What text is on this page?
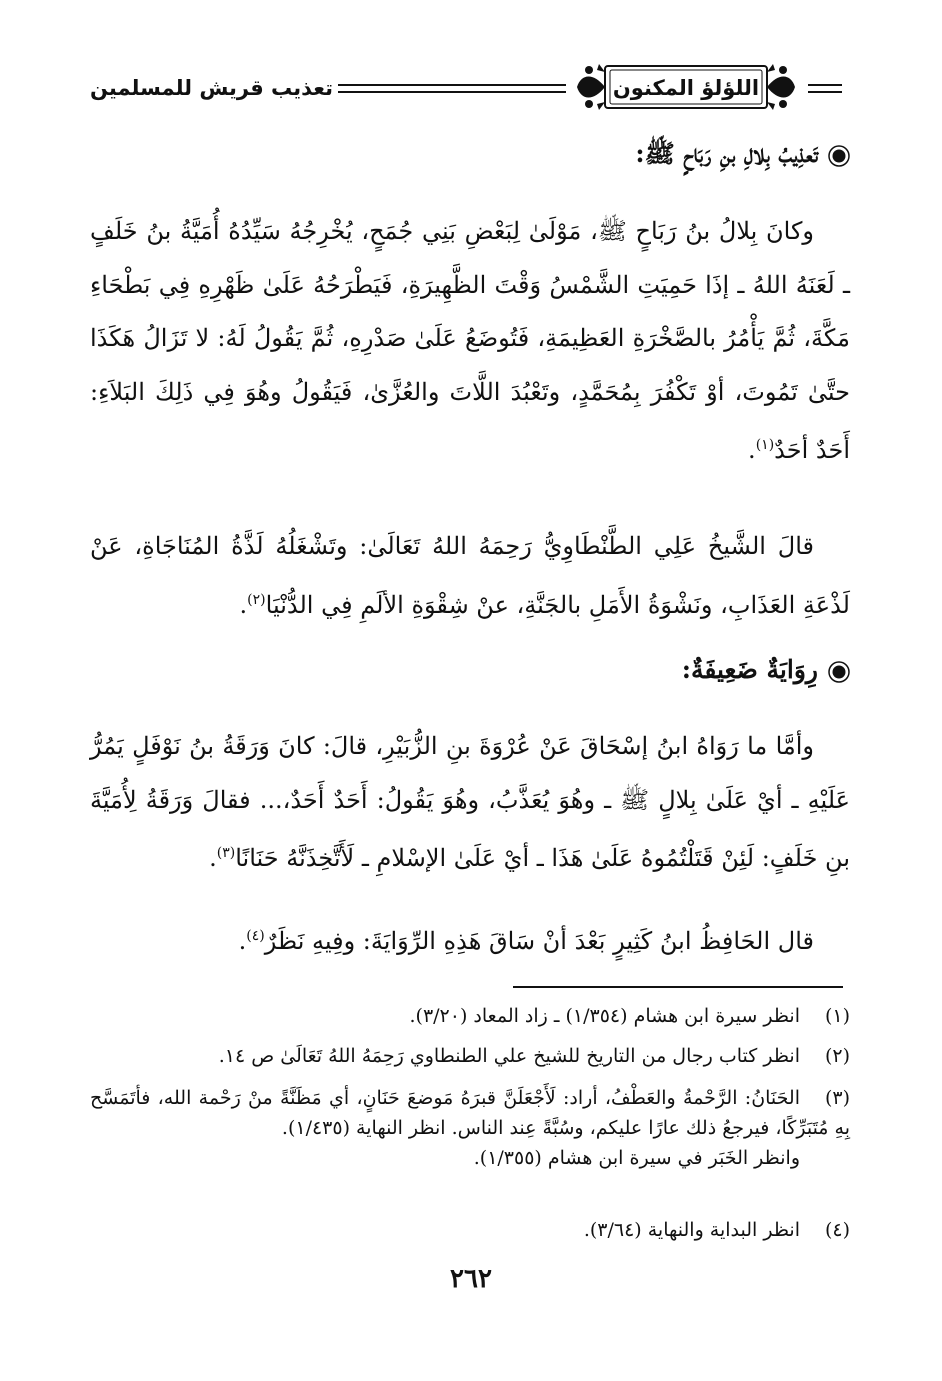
تعذيب قريش للمسلمين	اللؤلؤ المكنون
تَعذِيبُ بِلالِ بنِ رَبَاحٍ ﷺ:

وكانَ بِلالُ بنُ رَبَاحٍ ﷺ، مَوْلَىٰ لِبَعْضِ بَنِي جُمَحٍ، يُخْرِجُهُ سَيِّدُهُ أُمَيَّةُ بنُ خَلَفٍ ـ لَعَنَهُ اللهُ ـ إذَا حَمِيَتِ الشَّمْسُ وَقْتَ الظَّهِيرَةِ، فَيَطْرَحُهُ عَلَىٰ ظَهْرِهِ فِي بَطْحَاءِ مَكَّةَ، ثُمَّ يَأْمُرُ بالصَّخْرَةِ العَظِيمَةِ، فَتُوضَعُ عَلَىٰ صَدْرِهِ، ثُمَّ يَقُولُ لَهُ: لا تَزَالُ هَكَذَا حتَّىٰ تَمُوتَ، أوْ تَكْفُرَ بِمُحَمَّدٍ، وتَعْبُدَ اللَّاتَ والعُزَّىٰ، فَيَقُولُ وهُوَ فِي ذَلِكَ البَلاَءِ: أَحَدٌ أحَدٌ$^{(١)}$.

قالَ الشَّيخُ عَلِي الطَّنْطَاوِيُّ رَحِمَهُ اللهُ تَعَالَىٰ: وتَشْغَلُهُ لَذَّةُ المُنَاجَاةِ، عَنْ لَذْعَةِ العَذَابِ، ونَشْوَةُ الأَمَلِ بالجَنَّةِ، عنْ شِقْوَةِ الألَمِ فِي الدُّنْيَا$^{(٢)}$.

رِوَايَةٌ ضَعِيفَةٌ:

وأمَّا ما رَوَاهُ ابنُ إسْحَاقَ عَنْ عُرْوَةَ بنِ الزُّبَيْرِ، قالَ: كانَ وَرَقَةُ بنُ نَوْفَلٍ يَمُرُّ عَلَيْهِ ـ أيْ عَلَىٰ بِلالٍ ﷺ ـ وهُوَ يُعَذَّبُ، وهُوَ يَقُولُ: أَحَدٌ أَحَدٌ،... فقالَ وَرَقَةُ لِأُمَيَّةَ بنِ خَلَفٍ: لَئِنْ قَتَلْتُمُوهُ عَلَىٰ هَذَا ـ أيْ عَلَىٰ الإسْلامِ ـ لَأَتَّخِذَنَّهُ حَنَانًا$^{(٣)}$.

قال الحَافِظُ ابنُ كَثِيرٍ بَعْدَ أنْ سَاقَ هَذِهِ الرِّوَايَةَ: وفِيهِ نَظَرٌ$^{(٤)}$.

(١)انظر سيرة ابن هشام (١/٣٥٤) ـ زاد المعاد (٣/٢٠).

(٢)انظر كتاب رجال من التاريخ للشيخ علي الطنطاوي رَحِمَهُ اللهُ تَعَالَىٰ ص ١٤.

(٣)الحَنَانُ: الرَّحْمةُ والعَطْفُ، أراد: لَأَجْعَلَنَّ قبرَهُ مَوضعَ حَنَانٍ، أي مَظَنَّةً منْ رَحْمة الله، فأتَمَسَّح بِهِ مُتَبَرِّكًا، فيرجعُ ذلك عارًا عليكم، وسُبَّةً عِند الناس. انظر النهاية (١/٤٣٥).
وانظر الخَبَر في سيرة ابن هشام (١/٣٥٥).

(٤)انظر البداية والنهاية (٣/٦٤).

٢٦٢
